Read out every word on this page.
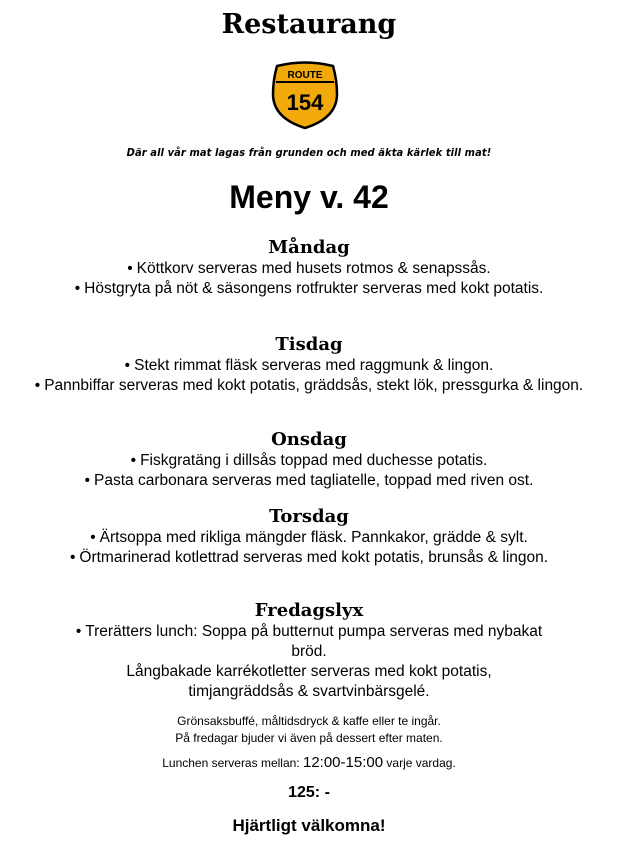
Restaurang
ROUTE
154
Där all vår mat lagas från grunden och med äkta kärlek till mat!
Meny v. 42
Måndag
• Köttkorv serveras med husets rotmos & senapssås.
• Höstgryta på nöt & säsongens rotfrukter serveras med kokt potatis.
Tisdag
• Stekt rimmat fläsk serveras med raggmunk & lingon.
• Pannbiffar serveras med kokt potatis, gräddsås, stekt lök, pressgurka & lingon.
Onsdag
• Fiskgratäng i dillsås toppad med duchesse potatis.
• Pasta carbonara serveras med tagliatelle, toppad med riven ost.
Torsdag
• Ärtsoppa med rikliga mängder fläsk. Pannkakor, grädde & sylt.
• Örtmarinerad kotlettrad serveras med kokt potatis, brunsås & lingon.
Fredagslyx
• Trerätters lunch: Soppa på butternut pumpa serveras med nybakat bröd.
Långbakade karrékotletter serveras med kokt potatis, timjangräddsås & svartvinbärsgelé.
Grönsaksbuffé, måltidsdryck & kaffe eller te ingår.
På fredagar bjuder vi även på dessert efter maten.
Lunchen serveras mellan: 12:00-15:00 varje vardag.
125: -
Hjärtligt välkomna!
